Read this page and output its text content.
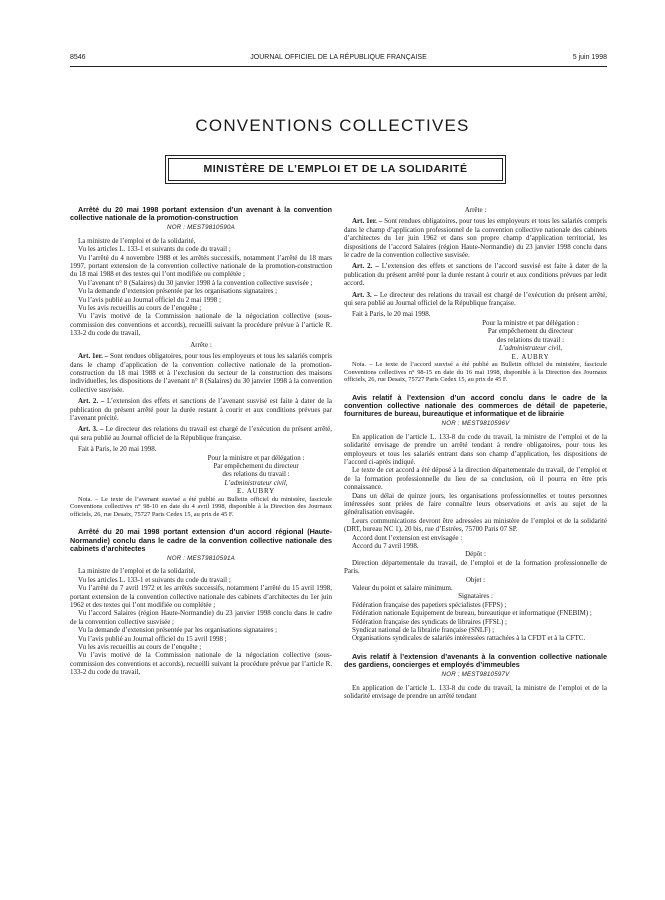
8546	JOURNAL OFFICIEL DE LA RÉPUBLIQUE FRANÇAISE	5 juin 1998
CONVENTIONS COLLECTIVES
MINISTÈRE DE L’EMPLOI ET DE LA SOLIDARITÉ

Arrêté du 20 mai 1998 portant extension d’un avenant à la convention collective nationale de la promotion-construction

NOR : MEST9810590A

La ministre de l’emploi et de la solidarité,

Vu les articles L. 133-1 et suivants du code du travail ;

Vu l’arrêté du 4 novembre 1988 et les arrêtés successifs, notamment l’arrêté du 18 mars 1997, portant extension de la convention collective nationale de la promotion-construction du 18 mai 1988 et des textes qui l’ont modifiée ou complétée ;

Vu l’avenant n° 8 (Salaires) du 30 janvier 1998 à la convention collective susvisée ;

Vu la demande d’extension présentée par les organisations signataires ;

Vu l’avis publié au Journal officiel du 2 mai 1998 ;

Vu les avis recueillis au cours de l’enquête ;

Vu l’avis motivé de la Commission nationale de la négociation collective (sous-commission des conventions et accords), recueilli suivant la procédure prévue à l’article R. 133-2 du code du travail,

Arrête :

Art. 1er. – Sont rendues obligatoires, pour tous les employeurs et tous les salariés compris dans le champ d’application de la convention collective nationale de la promotion-construction du 18 mai 1988 et à l’exclusion du secteur de la construction des maisons individuelles, les dispositions de l’avenant n° 8 (Salaires) du 30 janvier 1998 à la convention collective susvisée.

Art. 2. – L’extension des effets et sanctions de l’avenant susvisé est faite à dater de la publication du présent arrêté pour la durée restant à courir et aux conditions prévues par l’avenant précité.

Art. 3. – Le directeur des relations du travail est chargé de l’exécution du présent arrêté, qui sera publié au Journal officiel de la République française.

Fait à Paris, le 20 mai 1998.

Pour la ministre et par délégation :
Par empêchement du directeur
des relations du travail :
L’administrateur civil,
E. AUBRY

Nota. – Le texte de l’avenant susvisé a été publié au Bulletin officiel du ministère, fascicule Conventions collectives n° 98-10 en date du 4 avril 1998, disponible à la Direction des Journaux officiels, 26, rue Desaix, 75727 Paris Cedex 15, au prix de 45 F.

Arrêté du 20 mai 1998 portant extension d’un accord régional (Haute-Normandie) conclu dans le cadre de la convention collective nationale des cabinets d’architectes

NOR : MEST9810591A

La ministre de l’emploi et de la solidarité,

Vu les articles L. 133-1 et suivants du code du travail ;

Vu l’arrêté du 7 avril 1972 et les arrêtés successifs, notamment l’arrêté du 15 avril 1998, portant extension de la convention collective nationale des cabinets d’architectes du 1er juin 1962 et des textes qui l’ont modifiée ou complétée ;

Vu l’accord Salaires (région Haute-Normandie) du 23 janvier 1998 conclu dans le cadre de la convention collective susvisée ;

Vu la demande d’extension présentée par les organisations signataires ;

Vu l’avis publié au Journal officiel du 15 avril 1998 ;

Vu les avis recueillis au cours de l’enquête ;

Vu l’avis motivé de la Commission nationale de la négociation collective (sous-commission des conventions et accords), recueilli suivant la procédure prévue par l’article R. 133-2 du code du travail,

Arrête :

Art. 1er. – Sont rendues obligatoires, pour tous les employeurs et tous les salariés compris dans le champ d’application professionnel de la convention collective nationale des cabinets d’architectes du 1er juin 1962 et dans son propre champ d’application territorial, les dispositions de l’accord Salaires (région Haute-Normandie) du 23 janvier 1998 conclu dans le cadre de la convention collective susvisée.

Art. 2. – L’extension des effets et sanctions de l’accord susvisé est faite à dater de la publication du présent arrêté pour la durée restant à courir et aux conditions prévues par ledit accord.

Art. 3. – Le directeur des relations du travail est chargé de l’exécution du présent arrêté, qui sera publié au Journal officiel de la République française.

Fait à Paris, le 20 mai 1998.

Pour la ministre et par délégation :
Par empêchement du directeur
des relations du travail :
L’administrateur civil,
E. AUBRY

Nota. – Le texte de l’accord susvisé a été publié au Bulletin officiel du ministère, fascicule Conventions collectives n° 98-15 en date du 16 mai 1998, disponible à la Direction des Journaux officiels, 26, rue Desaix, 75727 Paris Cedex 15, au prix de 45 F.

Avis relatif à l’extension d’un accord conclu dans le cadre de la convention collective nationale des commerces de détail de papeterie, fournitures de bureau, bureautique et informatique et de librairie

NOR : MEST9810596V

En application de l’article L. 133-8 du code du travail, la ministre de l’emploi et de la solidarité envisage de prendre un arrêté tendant à rendre obligatoires, pour tous les employeurs et tous les salariés entrant dans son champ d’application, les dispositions de l’accord ci-après indiqué.

Le texte de cet accord a été déposé à la direction départementale du travail, de l’emploi et de la formation professionnelle du lieu de sa conclusion, où il pourra en être pris connaissance.

Dans un délai de quinze jours, les organisations professionnelles et toutes personnes intéressées sont priées de faire connaître leurs observations et avis au sujet de la généralisation envisagée.

Leurs communications devront être adressées au ministère de l’emploi et de la solidarité (DRT, bureau NC 1), 20 bis, rue d’Estrées, 75700 Paris 07 SP.

Accord dont l’extension est envisagée :

Accord du 7 avril 1998.

Dépôt :

Direction départementale du travail, de l’emploi et de la formation professionnelle de Paris.

Objet :

Valeur du point et salaire minimum.

Signataires :

Fédération française des papetiers spécialistes (FFPS) ;

Fédération nationale Equipement de bureau, bureautique et informatique (FNEBIM) ;

Fédération française des syndicats de libraires (FFSL) ;

Syndicat national de la librairie française (SNLF) ;

Organisations syndicales de salariés intéressées rattachées à la CFDT et à la CFTC.

Avis relatif à l’extension d’avenants à la convention collective nationale des gardiens, concierges et employés d’immeubles

NOR : MEST9810597V

En application de l’article L. 133-8 du code du travail, la ministre de l’emploi et de la solidarité envisage de prendre un arrêté tendant
